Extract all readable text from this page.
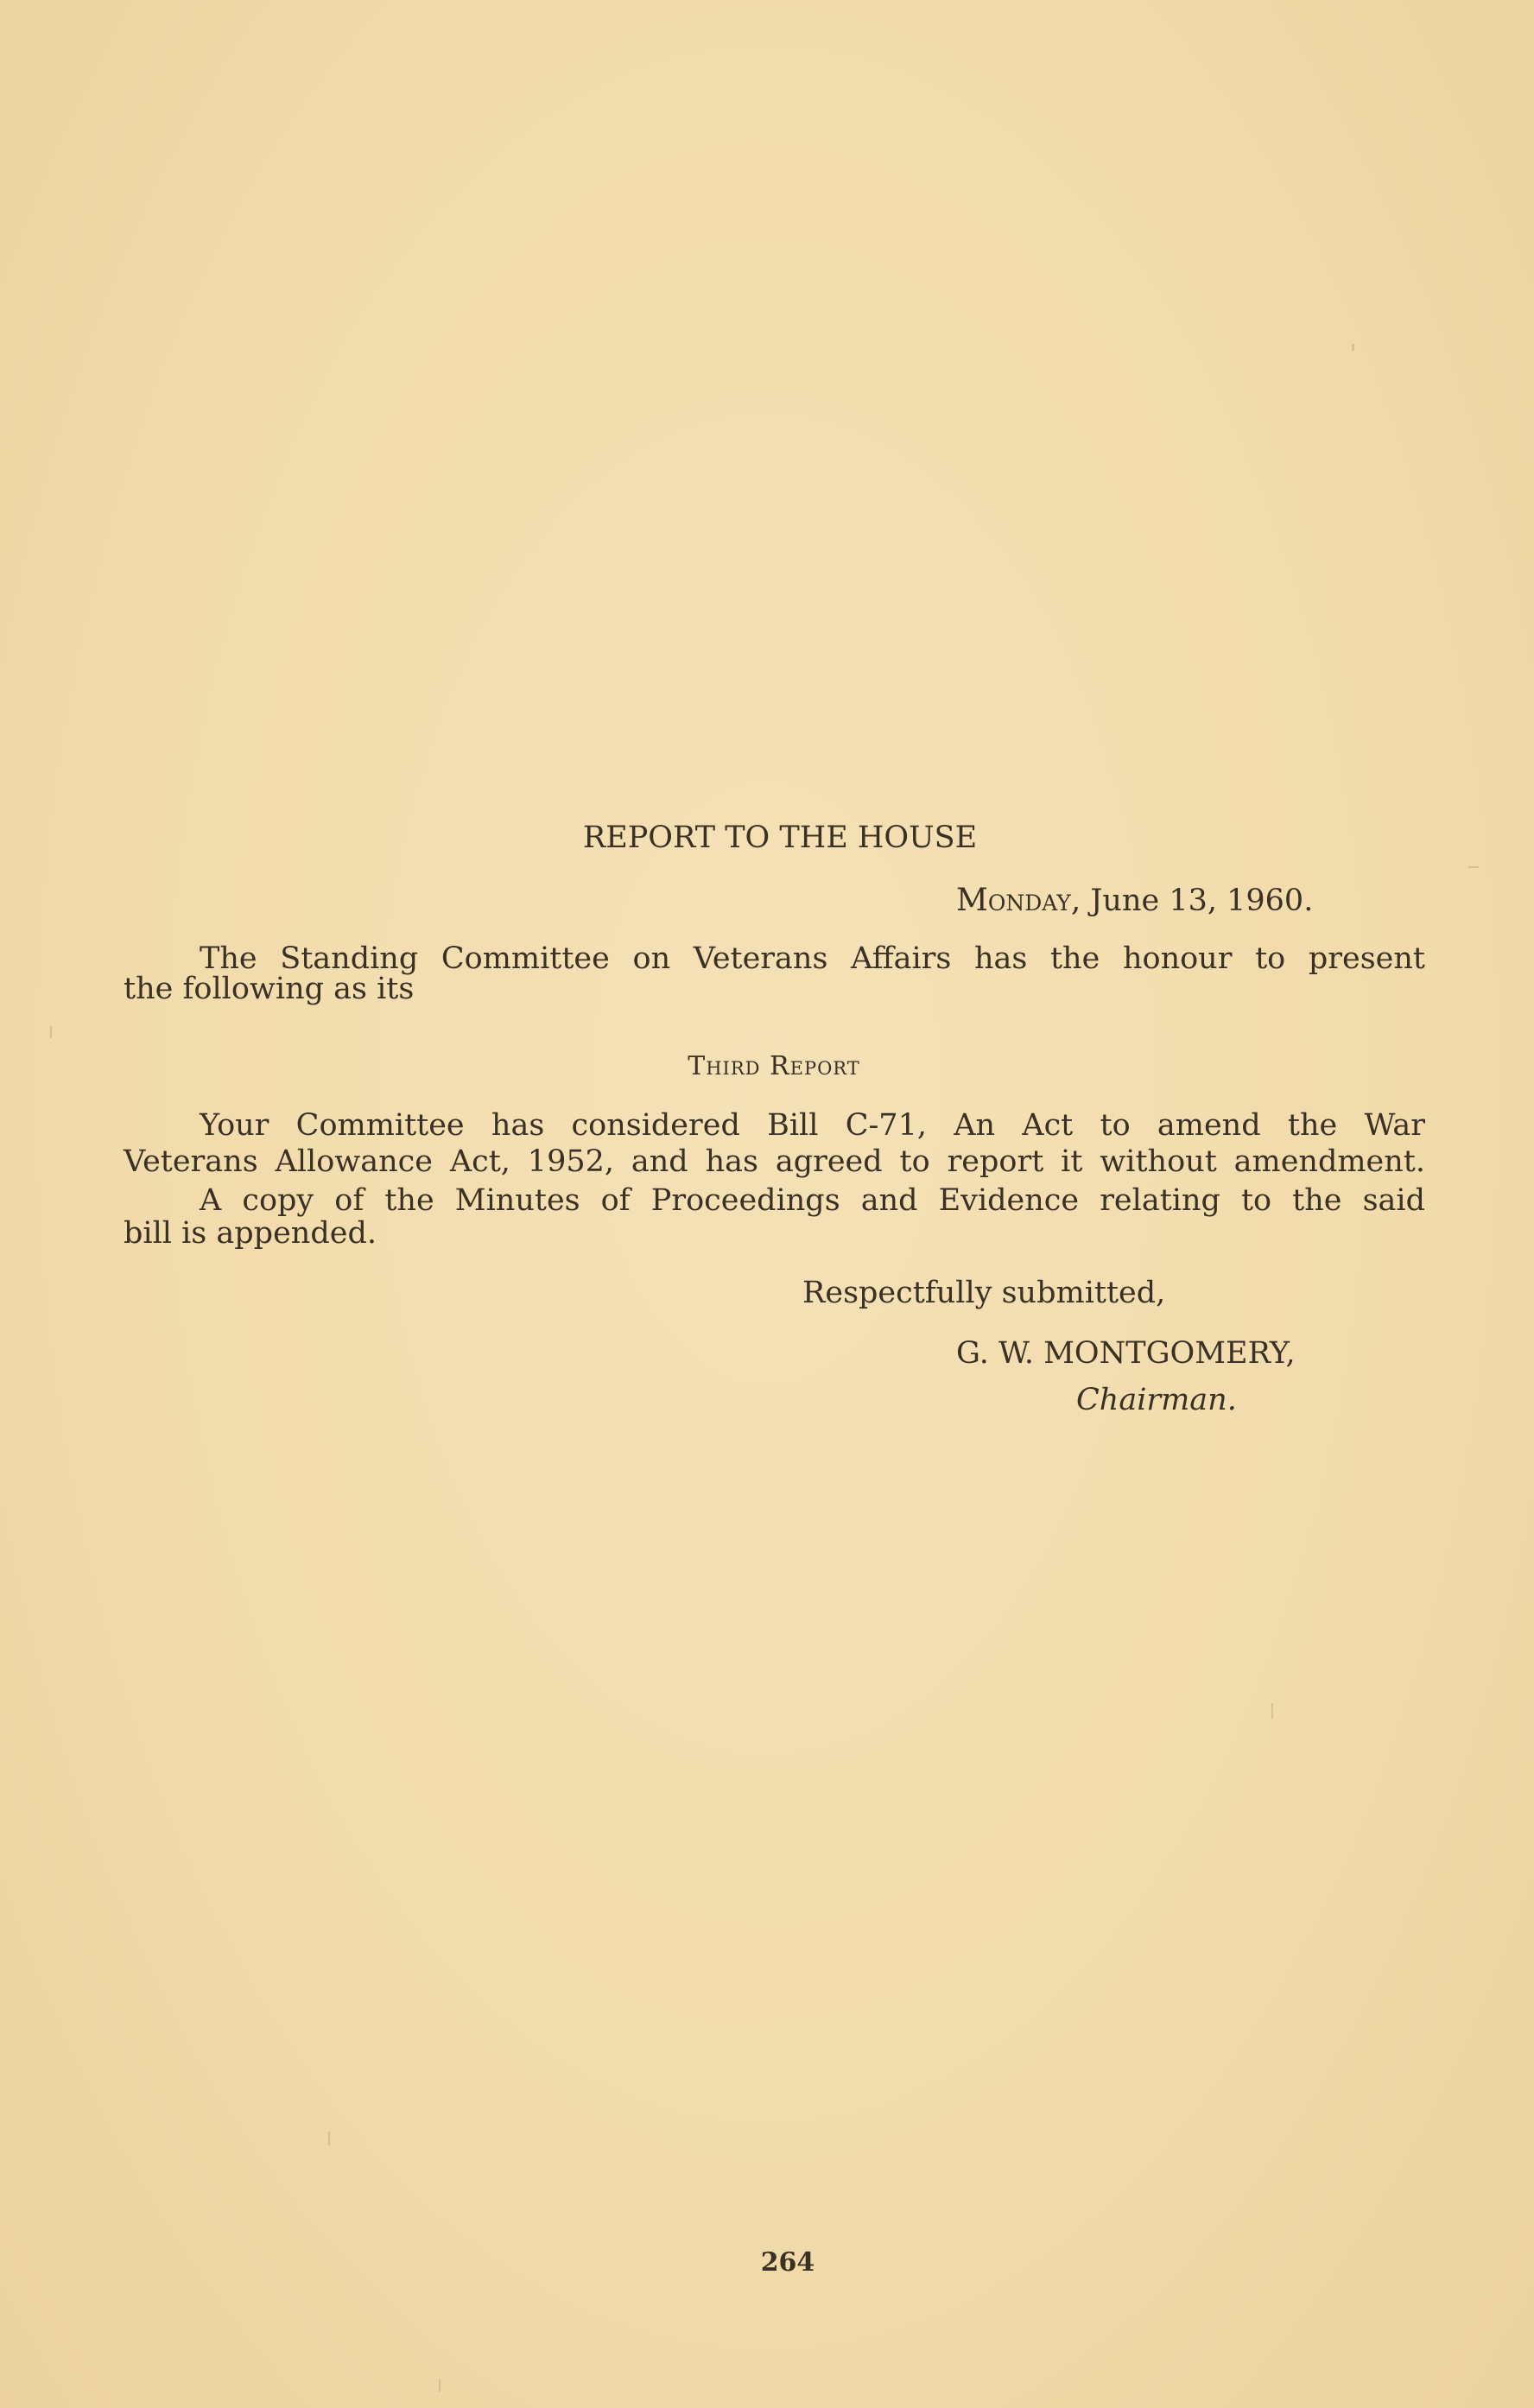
REPORT TO THE HOUSE
Monday, June 13, 1960.
The Standing Committee on Veterans Affairs has the honour to present
the following as its
Third Report
Your Committee has considered Bill C-71, An Act to amend the War
Veterans Allowance Act, 1952, and has agreed to report it without amendment.
A copy of the Minutes of Proceedings and Evidence relating to the said
bill is appended.
Respectfully submitted,
G. W. MONTGOMERY,
Chairman.
264
